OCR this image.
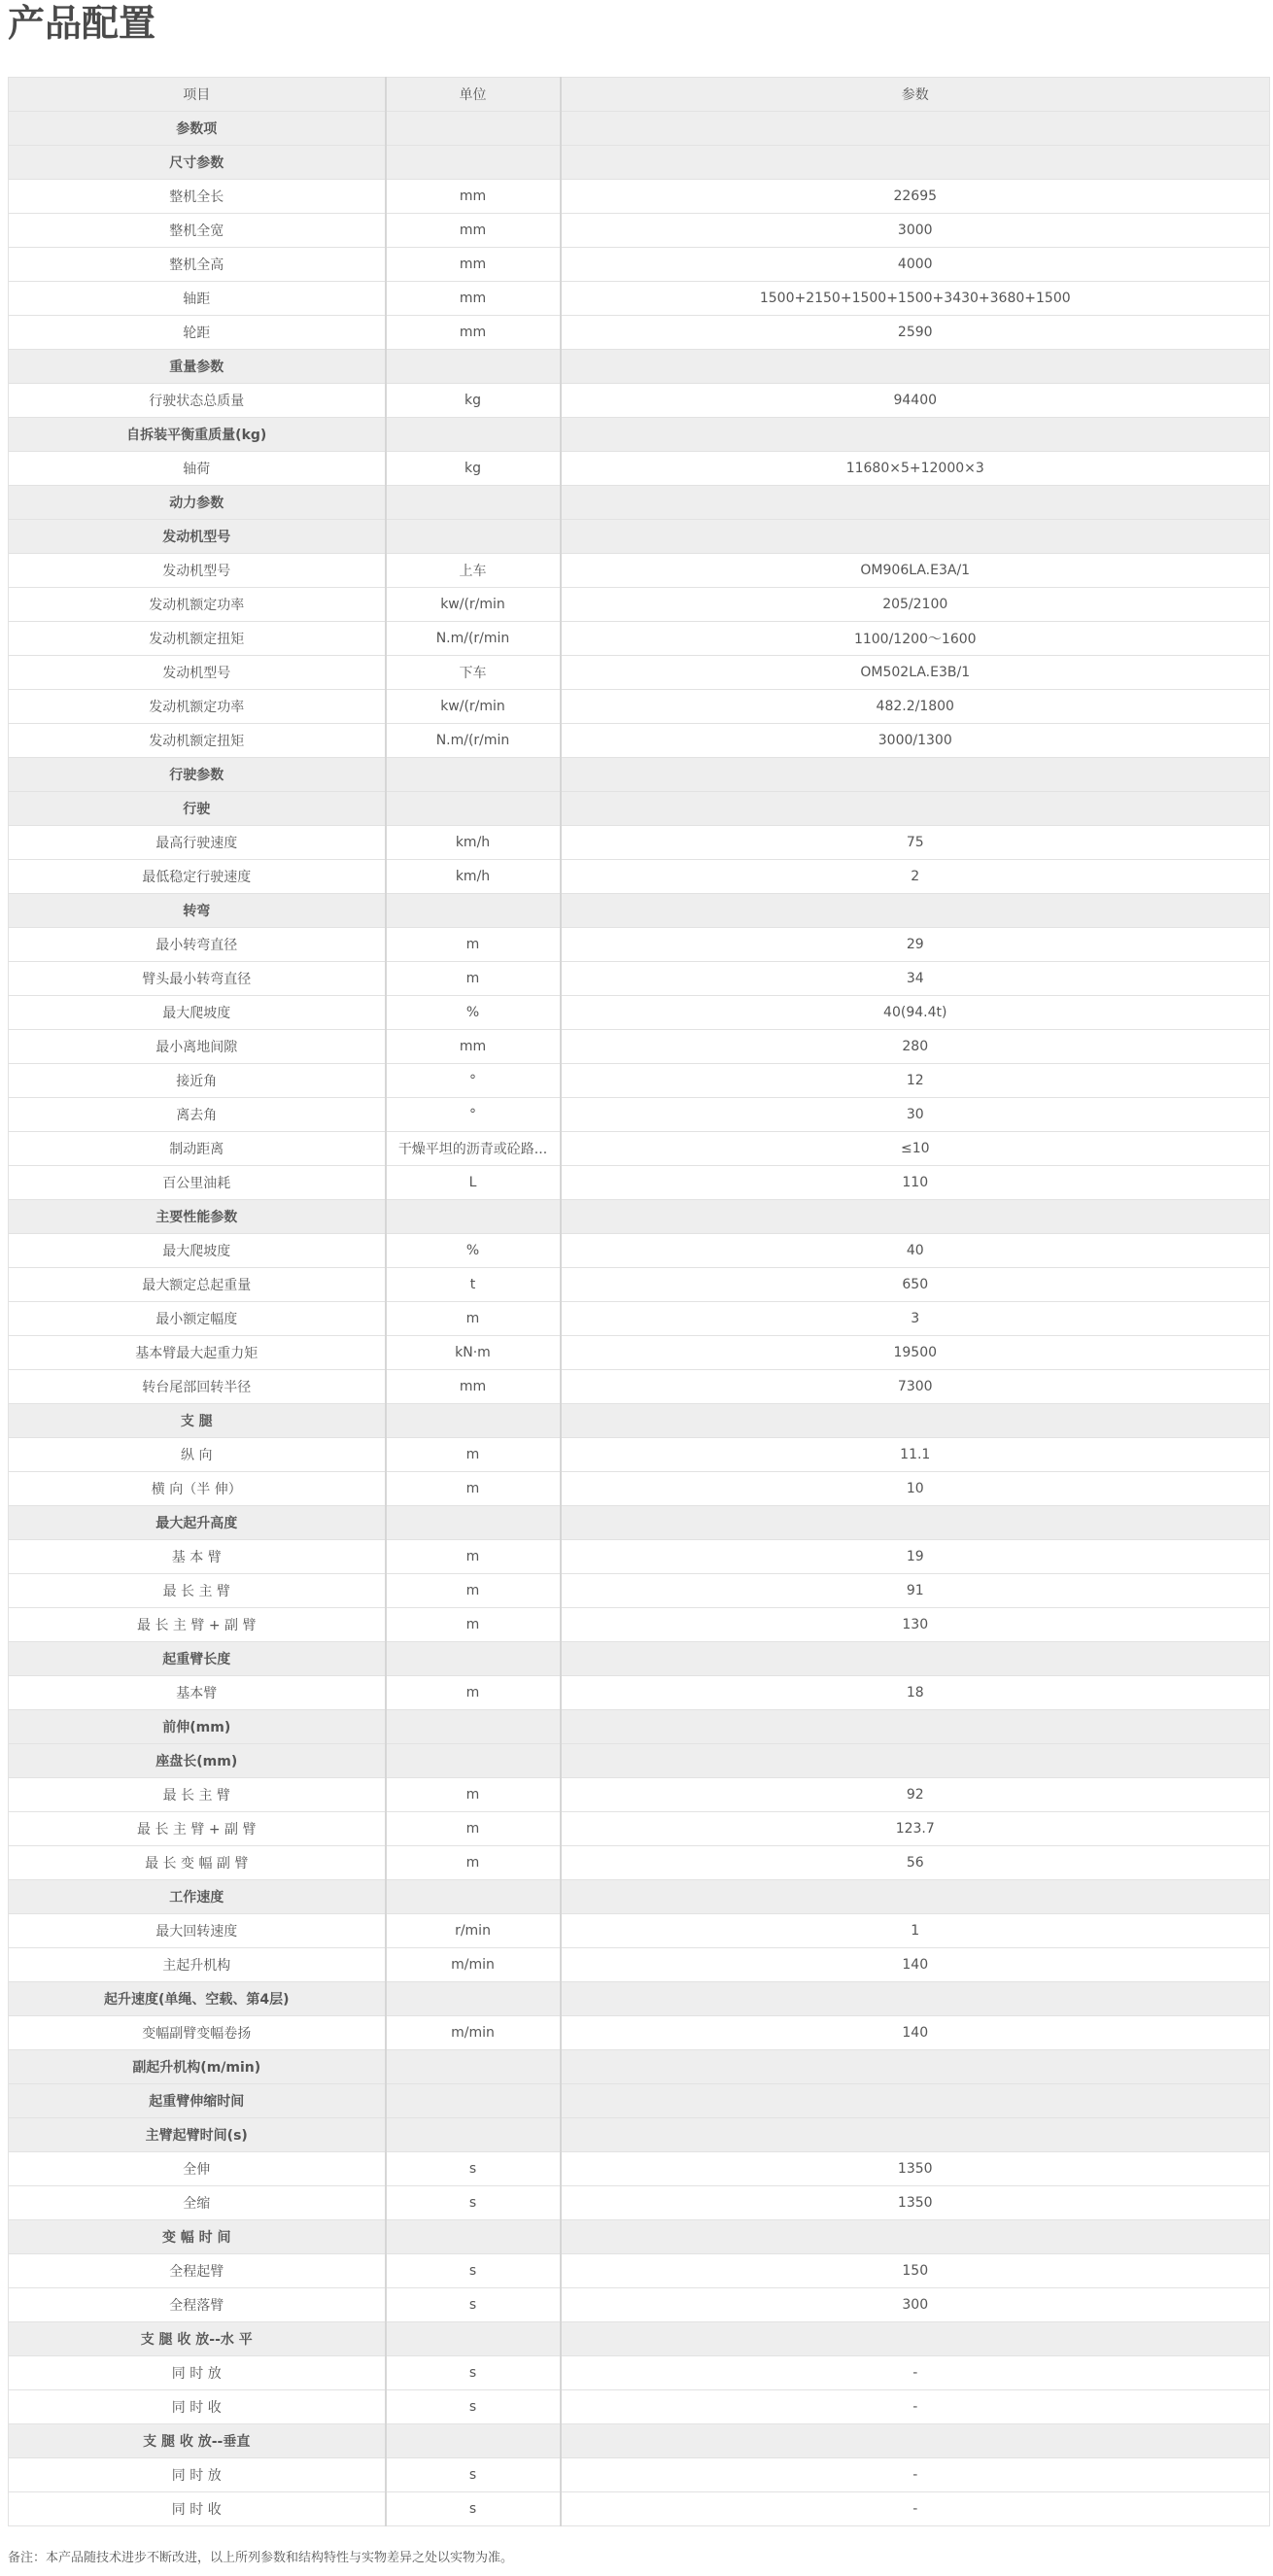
产品配置
项目	单位	参数
参数项		
尺寸参数		
整机全长	mm	22695
整机全宽	mm	3000
整机全高	mm	4000
轴距	mm	1500+2150+1500+1500+3430+3680+1500
轮距	mm	2590
重量参数		
行驶状态总质量	kg	94400
自拆装平衡重质量(kg)		
轴荷	kg	11680×5+12000×3
动力参数		
发动机型号		
发动机型号	上车	OM906LA.E3A/1
发动机额定功率	kw/(r/min	205/2100
发动机额定扭矩	N.m/(r/min	1100/1200～1600
发动机型号	下车	OM502LA.E3B/1
发动机额定功率	kw/(r/min	482.2/1800
发动机额定扭矩	N.m/(r/min	3000/1300
行驶参数		
行驶		
最高行驶速度	km/h	75
最低稳定行驶速度	km/h	2
转弯		
最小转弯直径	m	29
臂头最小转弯直径	m	34
最大爬坡度	%	40(94.4t)
最小离地间隙	mm	280
接近角	°	12
离去角	°	30
制动距离	干燥平坦的沥青或砼路...	≤10
百公里油耗	L	110
主要性能参数		
最大爬坡度	%	40
最大额定总起重量	t	650
最小额定幅度	m	3
基本臂最大起重力矩	kN·m	19500
转台尾部回转半径	mm	7300
支 腿		
纵 向	m	11.1
横 向（半 伸）	m	10
最大起升高度		
基 本 臂	m	19
最 长 主 臂	m	91
最 长 主 臂 + 副 臂	m	130
起重臂长度		
基本臂	m	18
前伸(mm)		
座盘长(mm)		
最 长 主 臂	m	92
最 长 主 臂 + 副 臂	m	123.7
最 长 变 幅 副 臂	m	56
工作速度		
最大回转速度	r/min	1
主起升机构	m/min	140
起升速度(单绳、空载、第4层)		
变幅副臂变幅卷扬	m/min	140
副起升机构(m/min)		
起重臂伸缩时间		
主臂起臂时间(s)		
全伸	s	1350
全缩	s	1350
变 幅 时 间		
全程起臂	s	150
全程落臂	s	300
支 腿 收 放--水 平		
同 时 放	s	-
同 时 收	s	-
支 腿 收 放--垂直		
同 时 放	s	-
同 时 收	s	-
备注：本产品随技术进步不断改进，以上所列参数和结构特性与实物差异之处以实物为准。
